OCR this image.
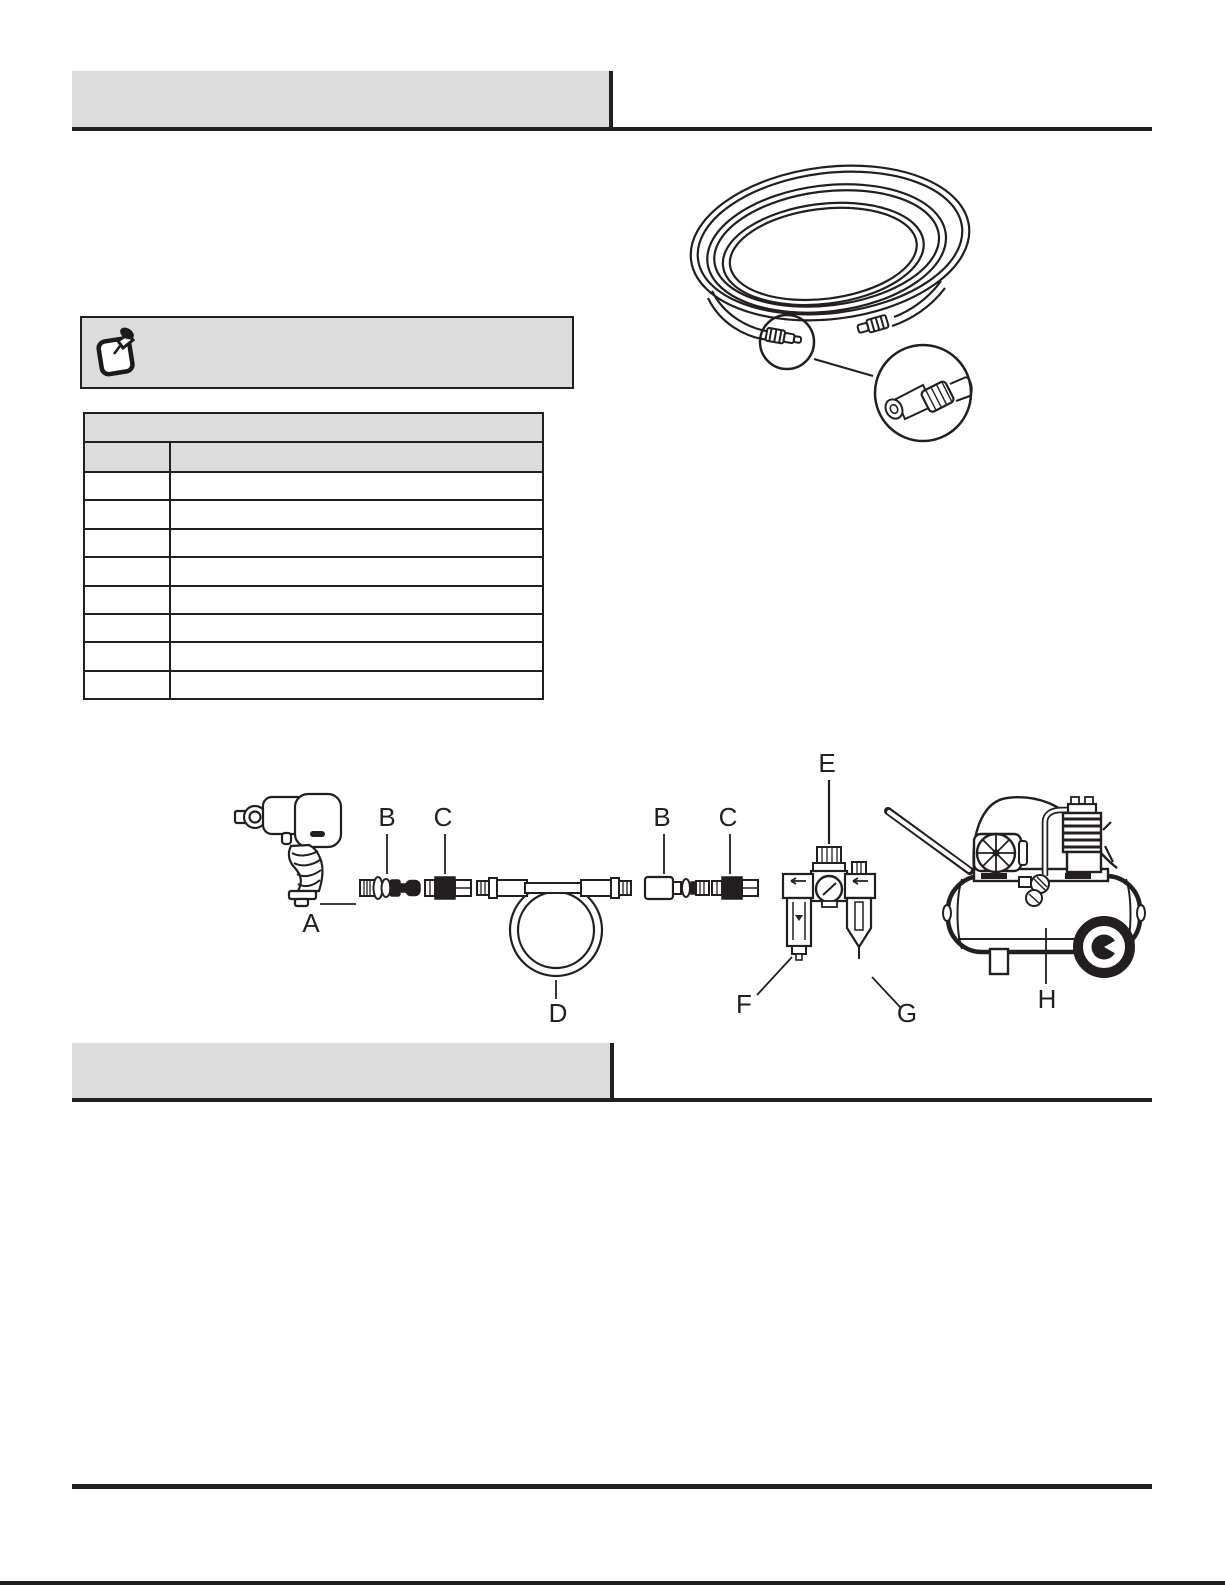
A
B C
D
B C
E
F	G	H
